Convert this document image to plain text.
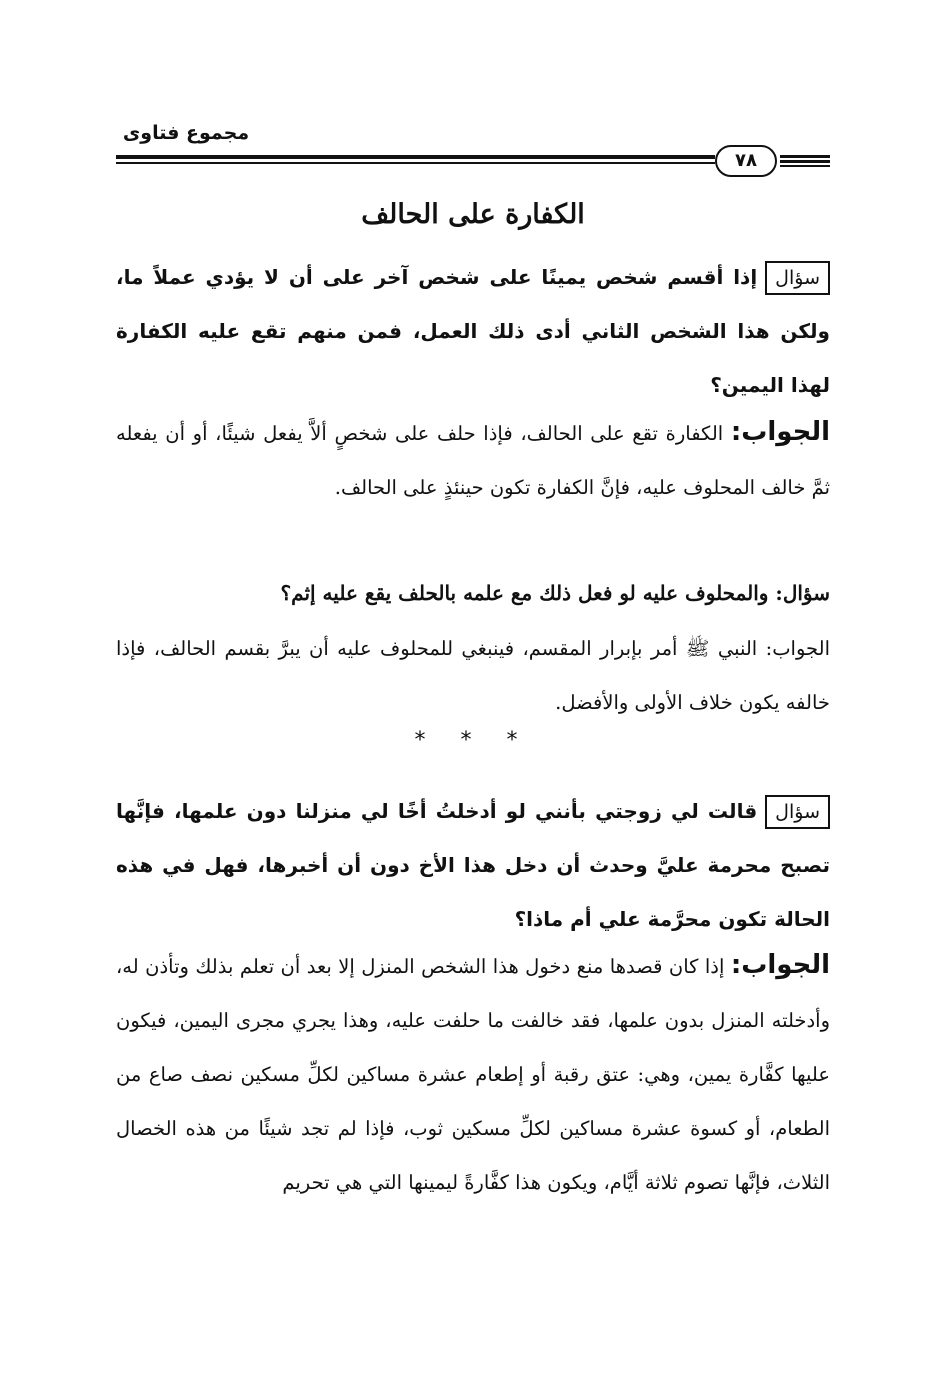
مجموع فتاوى
٧٨
الكفارة على الحالف
سؤالإذا أقسم شخص يمينًا على شخص آخر على أن لا يؤدي عملاً ما، ولكن هذا الشخص الثاني أدى ذلك العمل، فمن منهم تقع عليه الكفارة لهذا اليمين؟
الجواب: الكفارة تقع على الحالف، فإذا حلف على شخصٍ ألاَّ يفعل شيئًا، أو أن يفعله ثمَّ خالف المحلوف عليه، فإنَّ الكفارة تكون حينئذٍ على الحالف.
سؤال: والمحلوف عليه لو فعل ذلك مع علمه بالحلف يقع عليه إثم؟
الجواب: النبي ﷺ أمر بإبرار المقسم، فينبغي للمحلوف عليه أن يبرَّ بقسم الحالف، فإذا خالفه يكون خلاف الأولى والأفضل.
* * *
سؤالقالت لي زوجتي بأنني لو أدخلتُ أخًا لي منزلنا دون علمها، فإنَّها تصبح محرمة عليَّ وحدث أن دخل هذا الأخ دون أن أخبرها، فهل في هذه الحالة تكون محرَّمة علي أم ماذا؟
الجواب: إذا كان قصدها منع دخول هذا الشخص المنزل إلا بعد أن تعلم بذلك وتأذن له، وأدخلته المنزل بدون علمها، فقد خالفت ما حلفت عليه، وهذا يجري مجرى اليمين، فيكون عليها كفَّارة يمين، وهي: عتق رقبة أو إطعام عشرة مساكين لكلِّ مسكين نصف صاع من الطعام، أو كسوة عشرة مساكين لكلِّ مسكين ثوب، فإذا لم تجد شيئًا من هذه الخصال الثلاث، فإنَّها تصوم ثلاثة أيَّام، ويكون هذا كفَّارةً ليمينها التي هي تحريم
